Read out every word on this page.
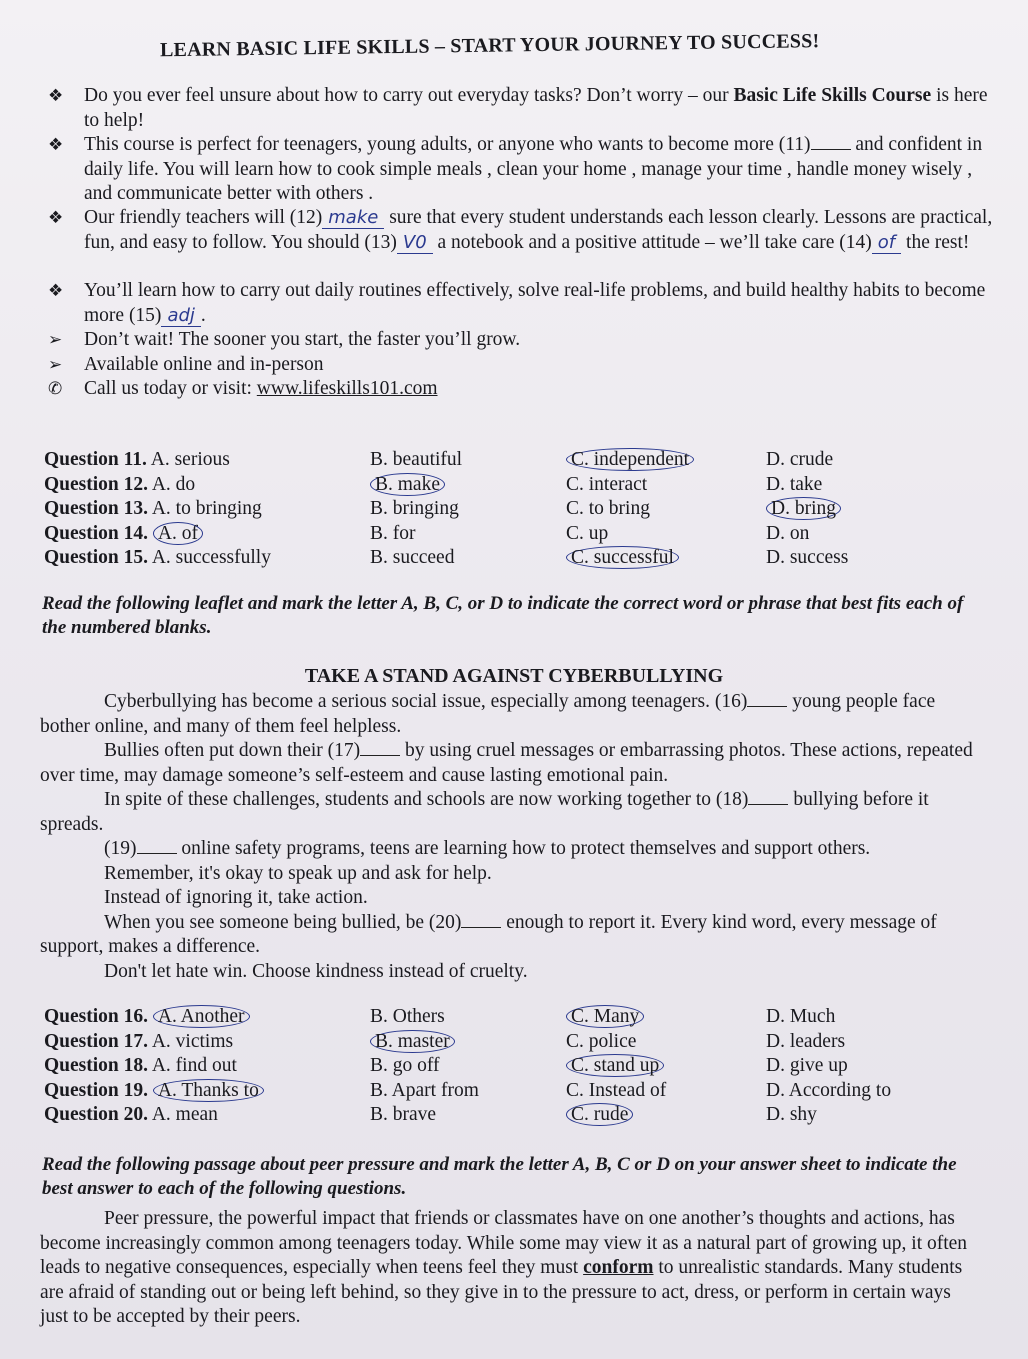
LEARN BASIC LIFE SKILLS – START YOUR JOURNEY TO SUCCESS!
❖	Do you ever feel unsure about how to carry out everyday tasks? Don’t worry – our Basic Life Skills Course is here to help!
❖	This course is perfect for teenagers, young adults, or anyone who wants to become more (11) and confident in daily life. You will learn how to cook simple meals , clean your home , manage your time , handle money wisely , and communicate better with others .
❖	Our friendly teachers will (12) make sure that every student understands each lesson clearly. Lessons are practical, fun, and easy to follow. You should (13) V0 a notebook and a positive attitude – we’ll take care (14) of the rest!
❖	You’ll learn how to carry out daily routines effectively, solve real-life problems, and build healthy habits to become more (15) adj .
➢	Don’t wait! The sooner you start, the faster you’ll grow.
➢	Available online and in-person
✆	Call us today or visit: www.lifeskills101.com
Question 11. A. serious	B. beautiful	C. independent	D. crude
Question 12. A. do	B. make	C. interact	D. take
Question 13. A. to bringing	B. bringing	C. to bring	D. bring
Question 14. A. of	B. for	C. up	D. on
Question 15. A. successfully	B. succeed	C. successful	D. success
Read the following leaflet and mark the letter A, B, C, or D to indicate the correct word or phrase that best fits each of the numbered blanks.
TAKE A STAND AGAINST CYBERBULLYING
Cyberbullying has become a serious social issue, especially among teenagers. (16) young people face bother online, and many of them feel helpless.
Bullies often put down their (17) by using cruel messages or embarrassing photos. These actions, repeated over time, may damage someone’s self-esteem and cause lasting emotional pain.
In spite of these challenges, students and schools are now working together to (18) bullying before it spreads.
(19) online safety programs, teens are learning how to protect themselves and support others.
Remember, it's okay to speak up and ask for help.
Instead of ignoring it, take action.
When you see someone being bullied, be (20) enough to report it. Every kind word, every message of support, makes a difference.
Don't let hate win. Choose kindness instead of cruelty.
Question 16. A. Another	B. Others	C. Many	D. Much
Question 17. A. victims	B. master	C. police	D. leaders
Question 18. A. find out	B. go off	C. stand up	D. give up
Question 19. A. Thanks to	B. Apart from	C. Instead of	D. According to
Question 20. A. mean	B. brave	C. rude	D. shy
Read the following passage about peer pressure and mark the letter A, B, C or D on your answer sheet to indicate the best answer to each of the following questions.
Peer pressure, the powerful impact that friends or classmates have on one another’s thoughts and actions, has become increasingly common among teenagers today. While some may view it as a natural part of growing up, it often leads to negative consequences, especially when teens feel they must conform to unrealistic standards. Many students are afraid of standing out or being left behind, so they give in to the pressure to act, dress, or perform in certain ways just to be accepted by their peers.
